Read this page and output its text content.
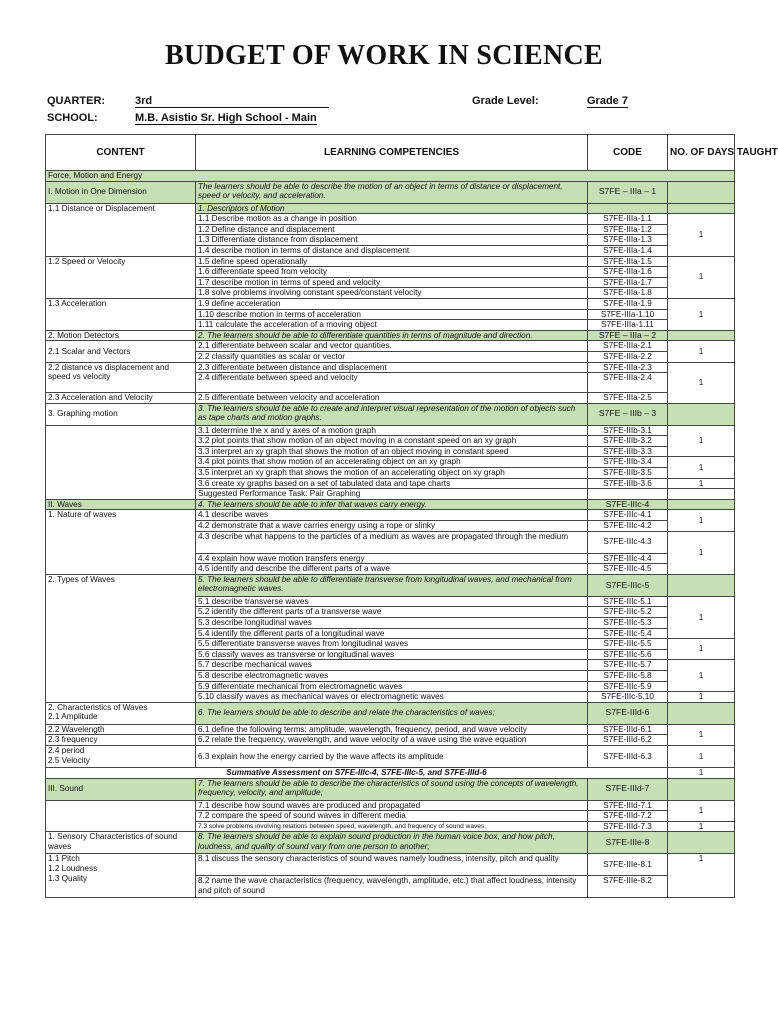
BUDGET OF WORK IN SCIENCE
QUARTER:	3rd	Grade Level:	Grade 7
SCHOOL:	M.B. Asistio Sr. High School - Main
CONTENT	LEARNING COMPETENCIES	CODE	NO. OF DAYS TAUGHT
Force, Motion and Energy			
I. Motion in One Dimension	The learners should be able to describe the motion of an object in terms of distance or displacement, speed or velocity, and acceleration.	S7FE – IIIa – 1	
1.1 Distance or Displacement	1. Descriptors of Motion		
	1.1 Describe motion as a change in position	S7FE-IIIa-1.1	1
	1.2 Define distance and displacement	S7FE-IIIa-1.2	
	1.3 Differentiate distance from displacement	S7FE-IIIa-1.3	
	1.4 describe motion in terms of distance and displacement	S7FE-IIIa-1.4	
1.2 Speed or Velocity	1.5 define speed operationally	S7FE-IIIa-1.5	1
	1.6 differentiate speed from velocity	S7FE-IIIa-1.6	
	1.7 describe motion in terms of speed and velocity	S7FE-IIIa-1.7	
	1.8 solve problems involving constant speed/constant velocity	S7FE-IIIa-1.8	
1.3 Acceleration	1.9 define acceleration	S7FE-IIIa-1.9	1
	1.10 describe motion in terms of acceleration	S7FE-IIIa-1.10	
	1.11 calculate the acceleration of a moving object	S7FE-IIIa-1.11	
2. Motion Detectors	2. The learners should be able to differentiate quantities in terms of magnitude and direction.	S7FE – IIIa – 2	
2.1 Scalar and Vectors	2.1 differentiate between scalar and vector quantities.	S7FE-IIIa-2.1	1
	2.2 classify quantities as scalar or vector	S7FE-IIIa-2.2	
2.2 distance vs displacement and speed vs velocity	2.3 differentiate between distance and displacement	S7FE-IIIa-2.3	1
	2.4 differentiate between speed and velocity	S7FE-IIIa-2.4	
2.3 Acceleration and Velocity	2.5 differentiate between velocity and acceleration	S7FE-IIIa-2.5	
3. Graphing motion	3. The learners should be able to create and interpret visual representation of the motion of objects such as tape charts and motion graphs.	S7FE – IIIb – 3	
	3.1 determine the x and y axes of a motion graph	S7FE-IIIb-3.1	1
	3.2 plot points that show motion of an object moving in a constant speed on an xy graph	S7FE-IIIb-3.2	
	3.3 interpret an xy graph that shows the motion of an object moving in constant speed	S7FE-IIIb-3.3	
	3.4 plot points that show motion of an accelerating object on an xy graph	S7FE-IIIb-3.4	1
	3.5 interpret an xy graph that shows the motion of an accelerating object on xy graph	S7FE-IIIb-3.5	
	3.6 create xy graphs based on a set of tabulated data and tape charts	S7FE-IIIb-3.6	1
	Suggested Performance Task: Pair Graphing		
II. Waves	4. The learners should be able to infer that waves carry energy.	S7FE-IIIc-4	
1. Nature of waves	4.1 describe waves	S7FE-IIIc-4.1	1
	4.2 demonstrate that a wave carries energy using a rope or slinky	S7FE-IIIc-4.2	
	4.3 describe what happens to the particles of a medium as waves are propagated through the medium	S7FE-IIIc-4.3	1
	4.4 explain how wave motion transfers energy	S7FE-IIIc-4.4	
	4.5 identify and describe the different parts of a wave	S7FE-IIIc-4.5	
2. Types of Waves	5. The learners should be able to differentiate transverse from longitudinal waves, and mechanical from electromagnetic waves.	S7FE-IIIc-5	
	5.1 describe transverse waves	S7FE-IIIc-5.1	1
	5.2 identify the different parts of a transverse wave	S7FE-IIIc-5.2	
	5.3 describe longitudinal waves	S7FE-IIIc-5.3	
	5.4 identify the different parts of a longitudinal wave	S7FE-IIIc-5.4	
	5.5 differentiate transverse waves from longitudinal waves	S7FE-IIIc-5.5	1
	5.6 classify waves as transverse or longitudinal waves	S7FE-IIIc-5.6	
	5.7 describe mechanical waves	S7FE-IIIc-5.7	1
	5.8 describe electromagnetic waves	S7FE-IIIc-5.8	
	5.9 differentiate mechanical from electromagnetic waves	S7FE-IIIc-5.9	
	5.10 classify waves as mechanical waves or electromagnetic waves	S7FE-IIIc-5.10	1

2. Characteristics of Waves
2.1 Amplitude	6. The learners should be able to describe and relate the characteristics of waves;	S7FE-IIId-6	
2.2 Wavelength	6.1 define the following terms: amplitude, wavelength, frequency, period, and wave velocity	S7FE-IIId-6.1	1
2.3 frequency	6.2 relate the frequency, wavelength, and wave velocity of a wave using the wave equation	S7FE-IIId-6.2	

2.4 period
2.5 Velocity	6.3 explain how the energy carried by the wave affects its amplitude	S7FE-IIId-6.3	1
Summative Assessment on S7FE-IIIc-4, S7FE-IIIc-5, and S7FE-IIId-6			1
III. Sound	7. The learners should be able to describe the characteristics of sound using the concepts of wavelength, frequency, velocity, and amplitude;	S7FE-IIId-7	
	7.1 describe how sound waves are produced and propagated	S7FE-IIId-7.1	1
	7.2 compare the speed of sound waves in different media	S7FE-IIId-7.2	
	7.3 solve problems involving relations between speed, wavelength, and frequency of sound waves.	S7FE-IIId-7.3	1
1. Sensory Characteristics of sound waves	8. The learners should be able to explain sound production in the human voice box, and how pitch, loudness, and quality of sound vary from one person to another;	S7FE-IIIe-8	

1.1 Pitch
1.2 Loudness
1.3 Quality	8.1 discuss the sensory characteristics of sound waves namely loudness, intensity, pitch and quality	S7FE-IIIe-8.1	1
	8.2 name the wave characteristics (frequency, wavelength, amplitude, etc.) that affect loudness, intensity and pitch of sound	S7FE-IIIe-8.2	
